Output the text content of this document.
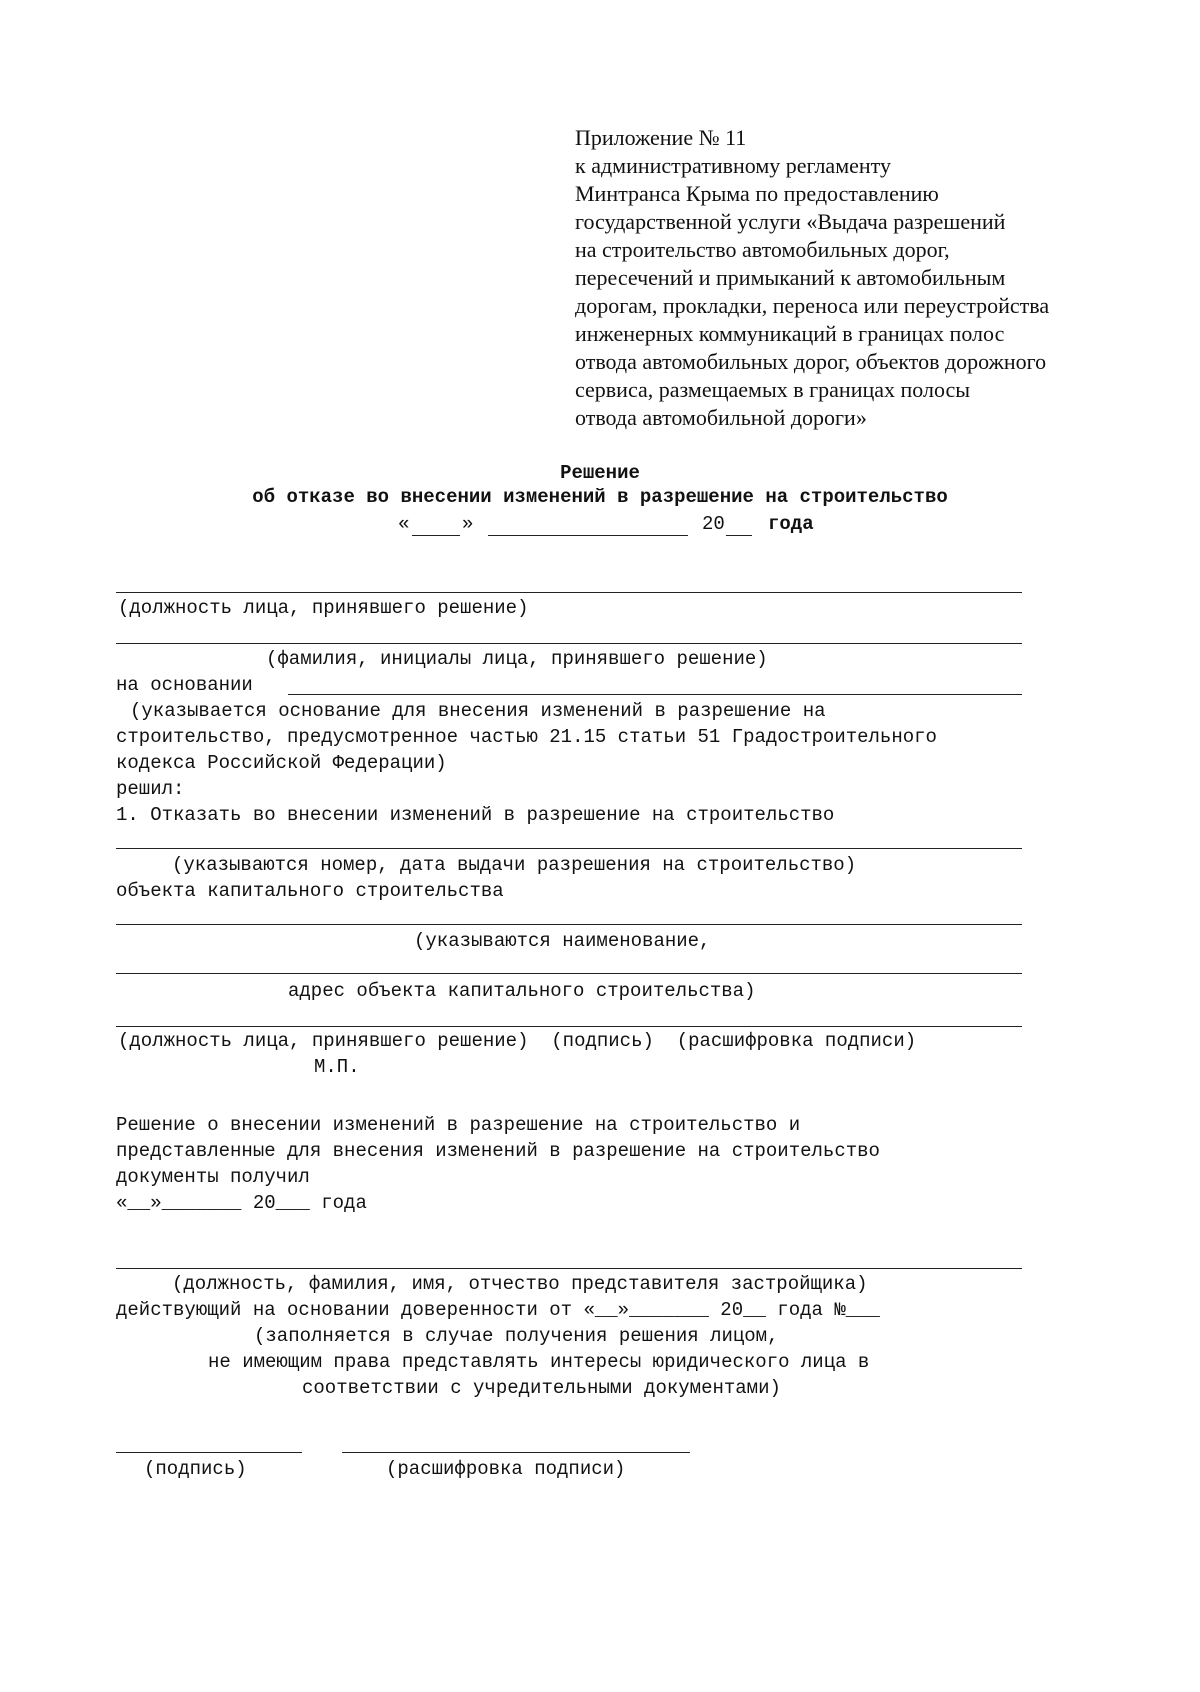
Приложение № 11
к административному регламенту
Минтранса Крыма по предоставлению
государственной услуги «Выдача разрешений
на строительство автомобильных дорог,
пересечений и примыканий к автомобильным
дорогам, прокладки, переноса или переустройства
инженерных коммуникаций в границах полос
отвода автомобильных дорог, объектов дорожного
сервиса, размещаемых в границах полосы
отвода автомобильной дороги»
Решение
об отказе во внесении изменений в разрешение на строительство
«	»	20 года
(должность лица, принявшего решение)
(фамилия, инициалы лица, принявшего решение)
на основании
(указывается основание для внесения изменений в разрешение на
строительство, предусмотренное частью 21.15 статьи 51 Градостроительного
кодекса Российской Федерации)
решил:
1. Отказать во внесении изменений в разрешение на строительство
(указываются номер, дата выдачи разрешения на строительство)
объекта капитального строительства
(указываются наименование,
адрес объекта капитального строительства)
(должность лица, принявшего решение)  (подпись)  (расшифровка подписи)
М.П.
Решение о внесении изменений в разрешение на строительство и
представленные для внесения изменений в разрешение на строительство
документы получил
«__»_______ 20___ года
(должность, фамилия, имя, отчество представителя застройщика)
действующий на основании доверенности от «__»_______ 20__ года №___
(заполняется в случае получения решения лицом,
не имеющим права представлять интересы юридического лица в
соответствии с учредительными документами)
(подпись)	(расшифровка подписи)
